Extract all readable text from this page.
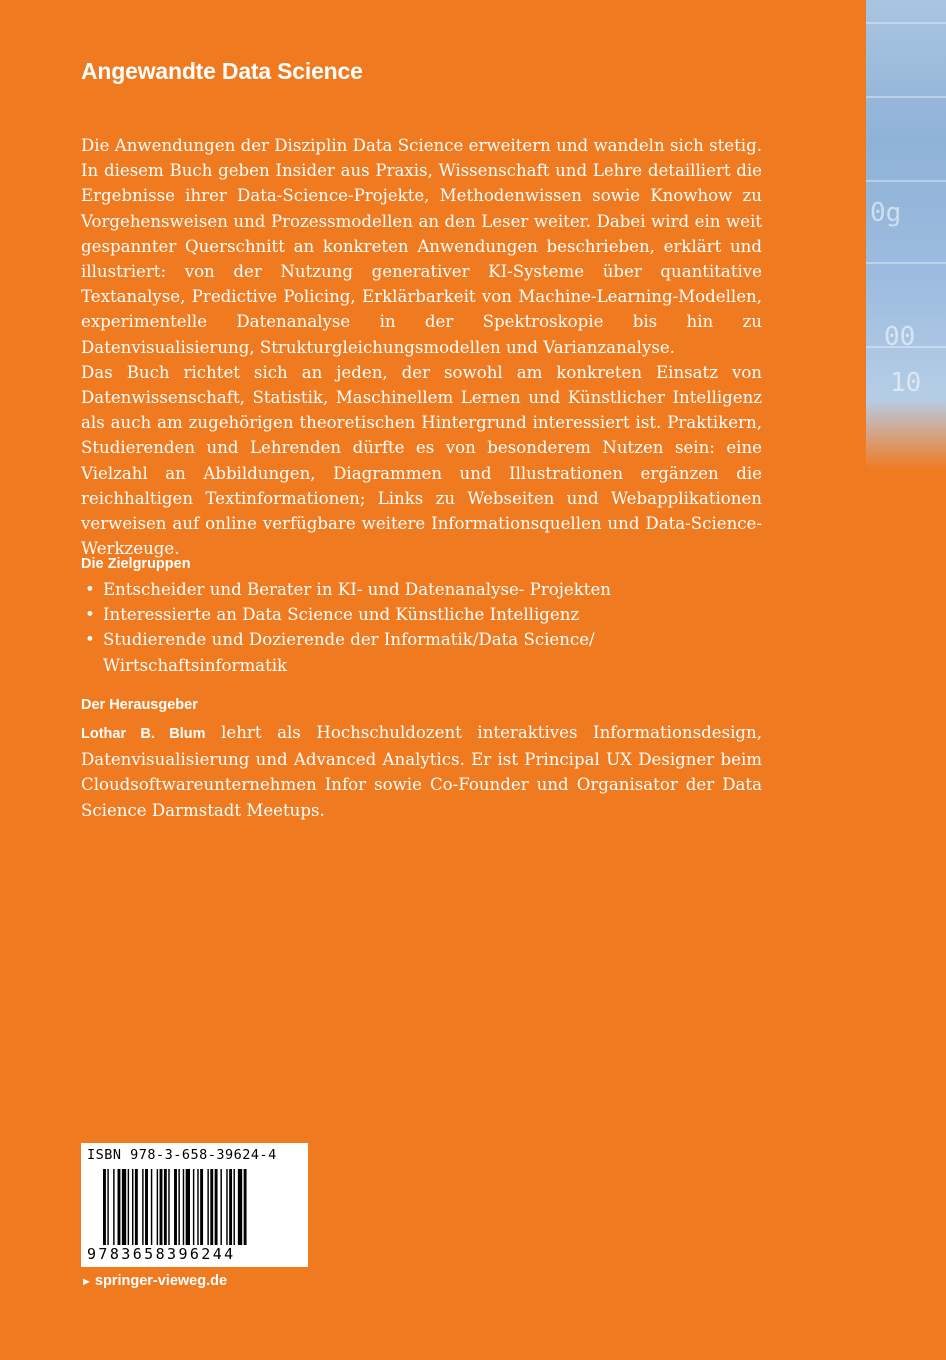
0g
00
10
Angewandte Data Science

Die Anwendungen der Disziplin Data Science erweitern und wandeln sich stetig. In diesem Buch geben Insider aus Praxis, Wissenschaft und Lehre detailliert die Ergebnisse ihrer Data-Science-Projekte, Methodenwissen sowie Knowhow zu Vorgehensweisen und Prozessmodellen an den Leser weiter. Dabei wird ein weit gespannter Querschnitt an konkreten Anwendungen beschrieben, erklärt und illustriert: von der Nutzung generativer KI-Systeme über quantitative Textanalyse, Predictive Policing, Erklärbarkeit von Machine-Learning-Modellen, experimentelle Datenanalyse in der Spektroskopie bis hin zu Datenvisualisierung, Strukturgleichungsmodellen und Varianzanalyse.

Das Buch richtet sich an jeden, der sowohl am konkreten Einsatz von Datenwissenschaft, Statistik, Maschinellem Lernen und Künstlicher Intelligenz als auch am zugehörigen theoretischen Hintergrund interessiert ist. Praktikern, Studierenden und Lehrenden dürfte es von besonderem Nutzen sein: eine Vielzahl an Abbildungen, Diagrammen und Illustrationen ergänzen die reichhaltigen Textinformationen; Links zu Webseiten und Webapplikationen verweisen auf online verfügbare weitere Informationsquellen und Data-Science-Werkzeuge.

Die Zielgruppen
• Entscheider und Berater in KI- und Datenanalyse- Projekten
• Interessierte an Data Science und Künstliche Intelligenz
• Studierende und Dozierende der Informatik/Data Science/ Wirtschaftsinformatik
Der Herausgeber

Lothar B. Blum lehrt als Hochschuldozent interaktives Informationsdesign, Datenvisualisierung und Advanced Analytics. Er ist Principal UX Designer beim Cloudsoftwareunternehmen Infor sowie Co-Founder und Organisator der Data Science Darmstadt Meetups.

ISBN 978-3-658-39624-4
9783658396244
► springer-vieweg.de
